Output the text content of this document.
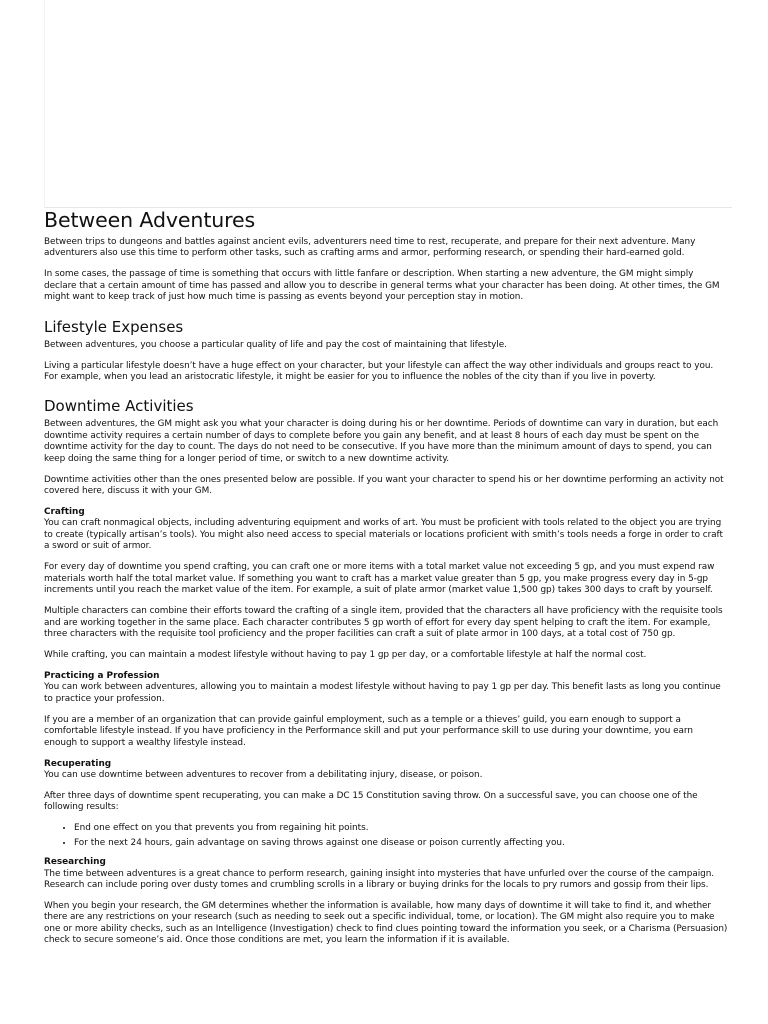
Between Adventures

Between trips to dungeons and battles against ancient evils, adventurers need time to rest, recuperate, and prepare for their next adventure. Many adventurers also use this time to perform other tasks, such as crafting arms and armor, performing research, or spending their hard-earned gold.

In some cases, the passage of time is something that occurs with little fanfare or description. When starting a new adventure, the GM might simply declare that a certain amount of time has passed and allow you to describe in general terms what your character has been doing. At other times, the GM might want to keep track of just how much time is passing as events beyond your perception stay in motion.

Lifestyle Expenses

Between adventures, you choose a particular quality of life and pay the cost of maintaining that lifestyle.

Living a particular lifestyle doesn’t have a huge effect on your character, but your lifestyle can affect the way other individuals and groups react to you. For example, when you lead an aristocratic lifestyle, it might be easier for you to influence the nobles of the city than if you live in poverty.

Downtime Activities

Between adventures, the GM might ask you what your character is doing during his or her downtime. Periods of downtime can vary in duration, but each downtime activity requires a certain number of days to complete before you gain any benefit, and at least 8 hours of each day must be spent on the downtime activity for the day to count. The days do not need to be consecutive. If you have more than the minimum amount of days to spend, you can keep doing the same thing for a longer period of time, or switch to a new downtime activity.

Downtime activities other than the ones presented below are possible. If you want your character to spend his or her downtime performing an activity not covered here, discuss it with your GM.

Crafting

You can craft nonmagical objects, including adventuring equipment and works of art. You must be proficient with tools related to the object you are trying to create (typically artisan’s tools). You might also need access to special materials or locations proficient with smith’s tools needs a forge in order to craft a sword or suit of armor.

For every day of downtime you spend crafting, you can craft one or more items with a total market value not exceeding 5 gp, and you must expend raw materials worth half the total market value. If something you want to craft has a market value greater than 5 gp, you make progress every day in 5-gp increments until you reach the market value of the item. For example, a suit of plate armor (market value 1,500 gp) takes 300 days to craft by yourself.

Multiple characters can combine their efforts toward the crafting of a single item, provided that the characters all have proficiency with the requisite tools and are working together in the same place. Each character contributes 5 gp worth of effort for every day spent helping to craft the item. For example, three characters with the requisite tool proficiency and the proper facilities can craft a suit of plate armor in 100 days, at a total cost of 750 gp.

While crafting, you can maintain a modest lifestyle without having to pay 1 gp per day, or a comfortable lifestyle at half the normal cost.

Practicing a Profession

You can work between adventures, allowing you to maintain a modest lifestyle without having to pay 1 gp per day. This benefit lasts as long you continue to practice your profession.

If you are a member of an organization that can provide gainful employment, such as a temple or a thieves’ guild, you earn enough to support a comfortable lifestyle instead. If you have proficiency in the Performance skill and put your performance skill to use during your downtime, you earn enough to support a wealthy lifestyle instead.

Recuperating

You can use downtime between adventures to recover from a debilitating injury, disease, or poison.

After three days of downtime spent recuperating, you can make a DC 15 Constitution saving throw. On a successful save, you can choose one of the following results:

• End one effect on you that prevents you from regaining hit points.
• For the next 24 hours, gain advantage on saving throws against one disease or poison currently affecting you.
Researching

The time between adventures is a great chance to perform research, gaining insight into mysteries that have unfurled over the course of the campaign. Research can include poring over dusty tomes and crumbling scrolls in a library or buying drinks for the locals to pry rumors and gossip from their lips.

When you begin your research, the GM determines whether the information is available, how many days of downtime it will take to find it, and whether there are any restrictions on your research (such as needing to seek out a specific individual, tome, or location). The GM might also require you to make one or more ability checks, such as an Intelligence (Investigation) check to find clues pointing toward the information you seek, or a Charisma (Persuasion) check to secure someone’s aid. Once those conditions are met, you learn the information if it is available.
